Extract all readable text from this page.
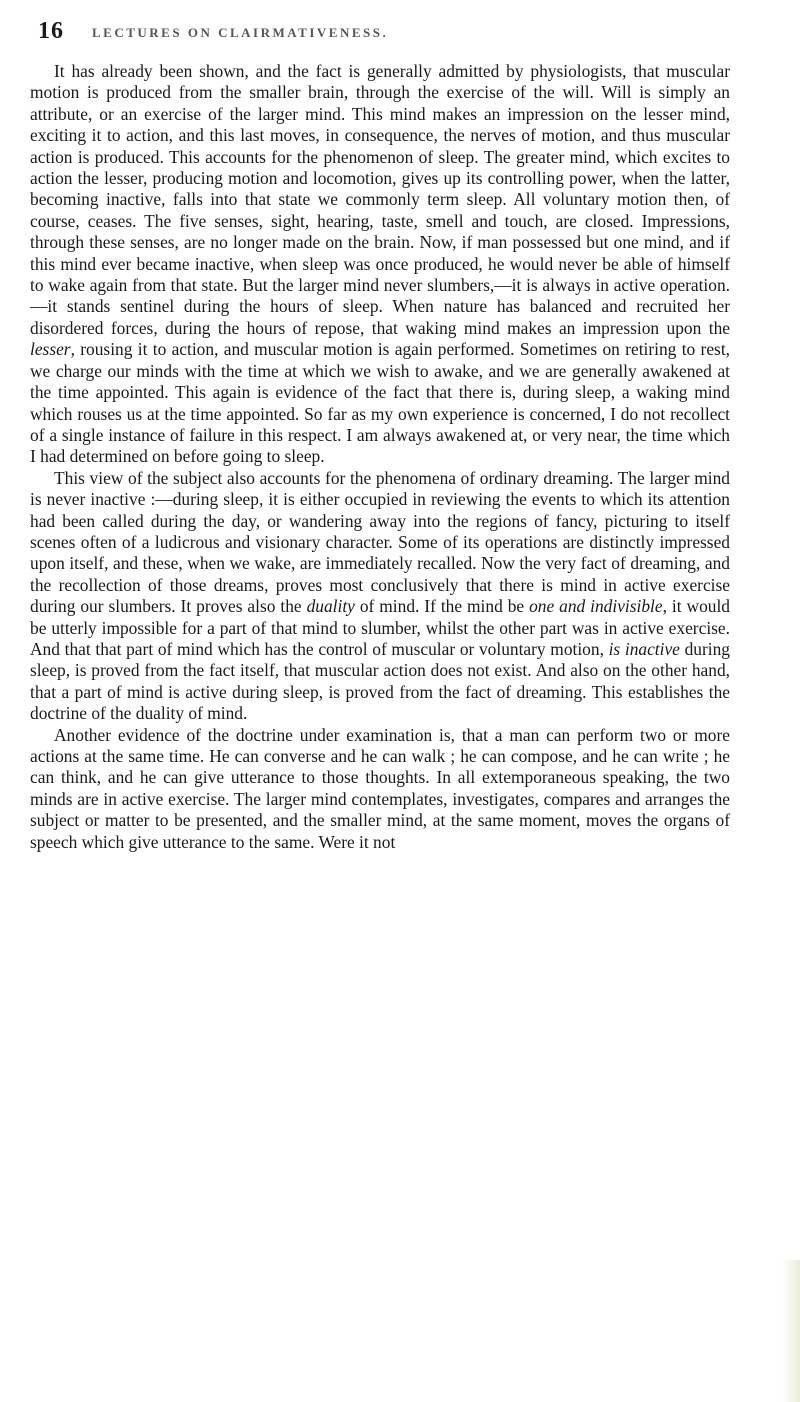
16 LECTURES ON CLAIRMATIVENESS.

It has already been shown, and the fact is generally admitted by physiologists, that muscular motion is produced from the smaller brain, through the exercise of the will. Will is simply an attribute, or an exercise of the larger mind. This mind makes an impression on the lesser mind, exciting it to action, and this last moves, in consequence, the nerves of motion, and thus muscular action is produced. This accounts for the phenomenon of sleep. The greater mind, which excites to action the lesser, producing motion and locomotion, gives up its controlling power, when the latter, becoming inactive, falls into that state we commonly term sleep. All voluntary motion then, of course, ceases. The five senses, sight, hearing, taste, smell and touch, are closed. Impressions, through these senses, are no longer made on the brain. Now, if man possessed but one mind, and if this mind ever became inactive, when sleep was once produced, he would never be able of himself to wake again from that state. But the larger mind never slumbers,—it is always in active operation.—it stands sentinel during the hours of sleep. When nature has balanced and recruited her disordered forces, during the hours of repose, that waking mind makes an impression upon the lesser, rousing it to action, and muscular motion is again performed. Sometimes on retiring to rest, we charge our minds with the time at which we wish to awake, and we are generally awakened at the time appointed. This again is evidence of the fact that there is, during sleep, a waking mind which rouses us at the time appointed. So far as my own experience is concerned, I do not recollect of a single instance of failure in this respect. I am always awakened at, or very near, the time which I had determined on before going to sleep.

This view of the subject also accounts for the phenomena of ordinary dreaming. The larger mind is never inactive :—during sleep, it is either occupied in reviewing the events to which its attention had been called during the day, or wandering away into the regions of fancy, picturing to itself scenes often of a ludicrous and visionary character. Some of its operations are distinctly impressed upon itself, and these, when we wake, are immediately recalled. Now the very fact of dreaming, and the recollection of those dreams, proves most conclusively that there is mind in active exercise during our slumbers. It proves also the duality of mind. If the mind be one and indivisible, it would be utterly impossible for a part of that mind to slumber, whilst the other part was in active exercise. And that that part of mind which has the control of muscular or voluntary motion, is inactive during sleep, is proved from the fact itself, that muscular action does not exist. And also on the other hand, that a part of mind is active during sleep, is proved from the fact of dreaming. This establishes the doctrine of the duality of mind.

Another evidence of the doctrine under examination is, that a man can perform two or more actions at the same time. He can converse and he can walk ; he can compose, and he can write ; he can think, and he can give utterance to those thoughts. In all extemporaneous speaking, the two minds are in active exercise. The larger mind contemplates, investigates, compares and arranges the subject or matter to be presented, and the smaller mind, at the same moment, moves the organs of speech which give utterance to the same. Were it not
